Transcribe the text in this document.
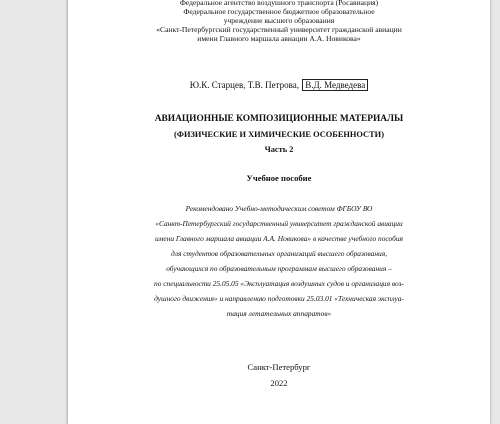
Федеральное агентство воздушного транспорта (Росавиация)
Федеральное государственное бюджетное образовательное
учреждение высшего образования
«Санкт-Петербургский государственный университет гражданской авиации
имени Главного маршала авиации А.А. Новикова»
Ю.К. Старцев, Т.В. Петрова, В.Д. Медведева
АВИАЦИОННЫЕ КОМПОЗИЦИОННЫЕ МАТЕРИАЛЫ
(ФИЗИЧЕСКИЕ И ХИМИЧЕСКИЕ ОСОБЕННОСТИ)
Часть 2
Учебное пособие
Рекомендовано Учебно-методическим советом ФГБОУ ВО
«Санкт-Петербургский государственный университет гражданской авиации
имени Главного маршала авиации А.А. Новикова» в качестве учебного пособия
для студентов образовательных организаций высшего образования,
обучающихся по образовательным программам высшего образования –
по специальности 25.05.05 «Эксплуатация воздушных судов и организация воз-
душного движения» и направлению подготовки 25.03.01 «Техническая эксплуа-
тация летательных аппаратов»
Санкт-Петербург
2022
